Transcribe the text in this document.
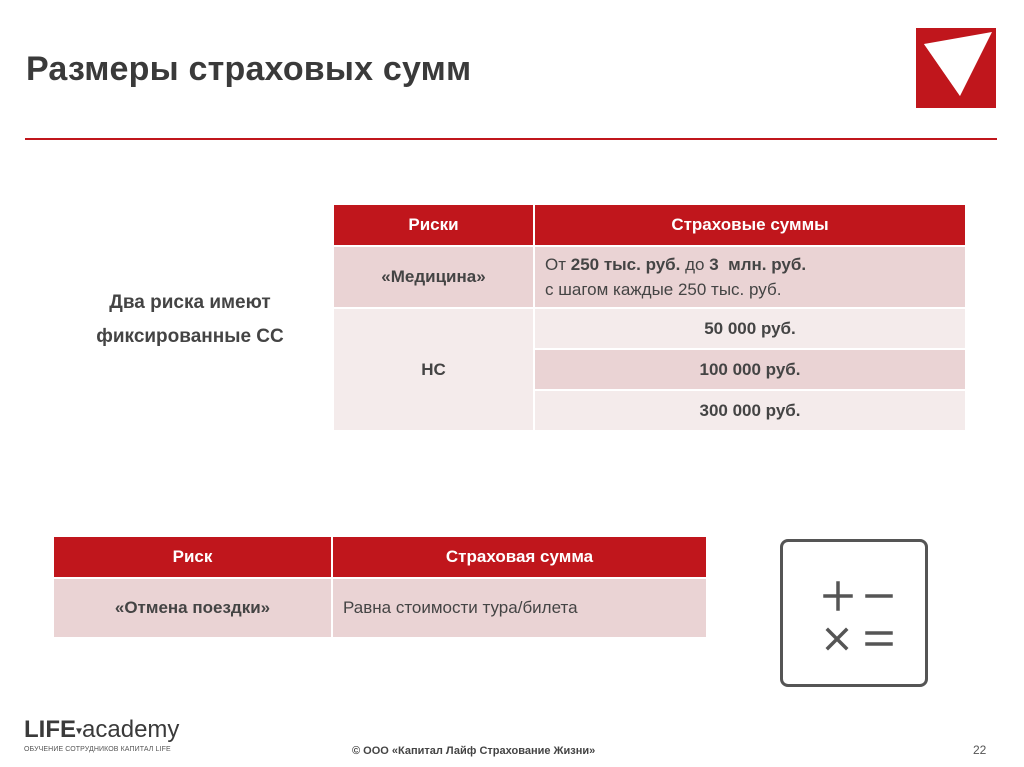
Размеры страховых сумм
Два риска имеют
фиксированные СС
Риски	Страховые суммы
«Медицина»	От 250 тыс. руб. до 3  млн. руб.
с шагом каждые 250 тыс. руб.
НС	50 000 руб.
	100 000 руб.
	300 000 руб.
Риск	Страховая сумма
«Отмена поездки»	Равна стоимости тура/билета
LIFE▾academy
ОБУЧЕНИЕ СОТРУДНИКОВ КАПИТАЛ LIFE	© ООО «Капитал Лайф Страхование Жизни»	22
